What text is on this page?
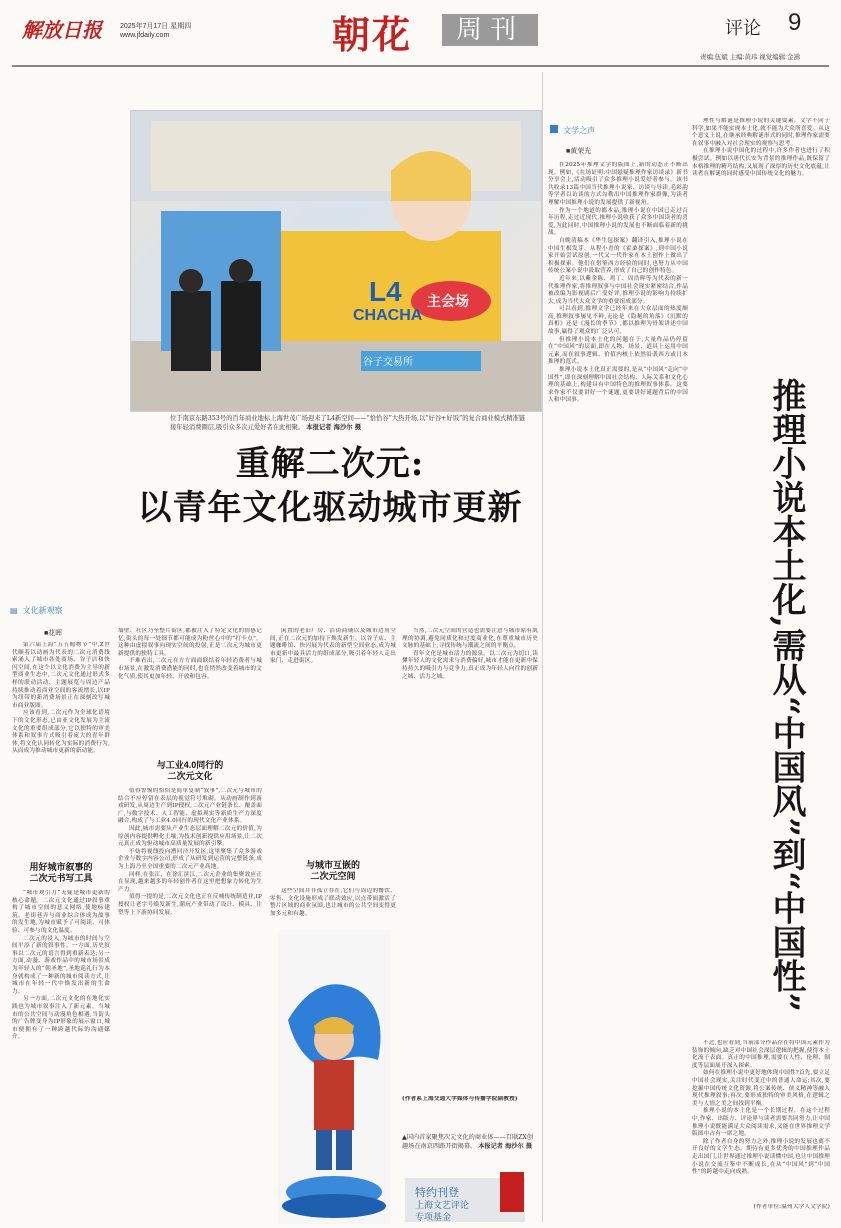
解放日报	2025年7月17日 星期四
www.jfdaily.com	朝花	周刊	评论 9
责编:伍斌 主编:黄玮 视觉编辑:金沸
L4
CHACHA
主会场
谷子交易所
位于南京东路353号的百年商业地标上海世茂广场迎来了L4新空间——“恰恰谷”大热开场,以“好谷+好饭”的复合商业模式精准链接年轻消费圈层,吸引众多次元爱好者在此相聚。 本报记者 海沙尔 摄
重解二次元:
以青年文化驱动城市更新
▤ 文化新观察
■花晖

第六届上海“五五购物节”中,Z世代顺着以动画为代表的二次元消费线索涌入了城市各处商场、谷子店和快闪空间,在这个以文化消费为主导的新型商业生态中,二次元文化通过形式多样的联动活动、主题展览与周边产品持续推动着商业空间的客流增长,以IP为纽带的新消费场景正在深刻改写城市商业版图。

应该看到,二次元作为全球化语境下的文化形态,已由亚文化发展为主流文化的重要组成部分,它以独特的审美体系和叙事方式吸引着庞大的青年群体,将文化认同转化为实际的消费行为,从而成为推动城市更新的新动能。

用好城市叙事的
二次元书写工具

“城市观引力”无疑是城市更新的核心命题。二次元文化通过IP叙事重构了城市空间的意义网络,使地标建筑、老街巷弄与商业综合体成为故事的发生地,为城市赋予了可阅读、可体验、可参与的文化温度。

二次元的浸入,为城市的时间与空间平添了新的叙事性。一方面,历史叙事以二次元的语言得到重新表达;另一方面,动漫、游戏作品中的城市场景成为年轻人的“朝圣地”,圣地巡礼行为本身就构成了一种新的城市阅读方式,让城市在年轻一代中焕发出新的生命力。

另一方面,二次元文化的在地化实践也为城市叙事注入了新元素。当城市的公共空间与动漫角色相遇,当街头的广告牌变身为IP形象的展示窗口,城市便拥有了一种跨越代际的沟通媒介。

墙壁、社区乃至整片街区,都被注入了特定文化的情感记忆,街头的每一处细节都可能成为粉丝心中的“打卡点”。这种由虚拟叙事向现实空间的投射,正是二次元为城市更新提供的独特工具。

不难看出,二次元在方方面面联结着年轻消费者与城市场景,在激发消费潜能的同时,也在悄然改变着城市的文化气质,使其更加年轻、开放和包容。

与工业4.0同行的
二次元文化

值得警惕的恰恰是简单复制“叙事”,二次元与城市的结合不应停留在表层的视觉符号堆砌。从动画制作到游戏研发,从周边生产到IP授权,二次元产业链条长、覆盖面广,与数字技术、人工智能、虚拟现实等新质生产力深度融合,构成了与工业4.0同行的现代文化产业体系。

因此,城市需要从产业生态层面理解二次元的价值,为原创内容提供孵化土壤,为技术创新提供应用场景,让二次元真正成为驱动城市高质量发展的新引擎。

不妨将视线投向漕河泾开发区,这里聚集了众多游戏企业与数字内容公司,形成了从研发到运营的完整链条,成为上海乃至全国重要的二次元产业高地。

同样,在张江、在徐汇滨江,二次元企业的集聚效应正在显现,越来越多的年轻创作者在这里把想象力转化为生产力。

值得一提的是,二次元文化也正在反哺传统制造业,IP授权让老字号焕发新生,潮玩产业带动了设计、模具、注塑等上下游协同发展。

闲置的老旧厂房、沿街商铺以及城市边角空间,正在二次元的加持下焕发新生。以谷子店、主题咖啡馆、快闪展为代表的新型空间业态,成为城市更新中最具活力的组成部分,吸引着年轻人走出家门、走进街区。

与城市互嵌的
二次元空间

这些空间并非孤立存在,它们与周边的餐饮、零售、文化设施形成了联动效应,以点带面激活了整片区域的商业氛围,也让城市的公共空间变得更加多元和有趣。

当然,二次元空间的营造也需要注意与城市原有肌理的协调,避免同质化和过度商业化,在尊重城市历史文脉的基础上,寻找传统与潮流之间的平衡点。

青年文化是城市活力的源泉。以二次元为切口,读懂年轻人的文化需求与消费偏好,城市才能在更新中保持持久的吸引力与竞争力,真正成为年轻人向往的创新之城、活力之城。

(作者系上海交通大学媒体与传播学院副教授)
▲国内首家聚焦次元文化的商业体——百联ZX创趣场在南京西路开街揭幕。 本报记者 海沙尔 摄
特约刊登
上海文艺评论
专项基金
文学之声
■黄荣光

在2025年推理文学的版图上,新的动态正不断出现。例如,《在场证明:中国悬疑推理作家访谈录》新书分享会上,活动吸引了众多推理小说爱好者参与。该书共收录13篇中国当代推理小说家、访谈与导读,毛彩韵等学者以访谈的方式勾勒出中国推理作家群像,为读者理解中国推理小说的发展提供了新视角。

作为一个地道的都本品,推理小说在中国已走过百年历程,走过近现代,推理小说收获了众多中国读者的喜爱,为此同时,中国推理小说的发展也不断面临着新的挑战。

自晚清稿本《华生包探案》翻译引入,推理小说在中国生根发芽。从程小青的《霍桑探案》,到中国小说家开始尝试原创,一代又一代作家在本土创作上做出了积极探索。他们在借鉴西方经验的同时,也努力从中国传统公案小说中汲取营养,形成了自己的创作特色。

近年来,以紫金陈、鸡丁、周浩晖等为代表的新一代推理作家,将推理叙事与中国社会现实紧密结合,作品被改编为影视剧后广受好评,推理小说的影响力持续扩大,成为当代大众文学的重要组成部分。

可以看到,推理文学已经年来在大众层面的热度颇高,推理叙事屡见不鲜,无论是《隐秘的角落》《沉默的真相》还是《漫长的季节》,都以推理为骨架讲述中国故事,赢得了观众的广泛认可。

但推理小说本土化的问题在于,大量作品仍停留在“中国风”的层面,即在人物、场景、道具上运用中国元素,而在叙事逻辑、价值内核上依然沿袭西方或日本推理的范式。

推理小说本土化真正需要的,是从“中国风”走向“中国性”,即在深刻理解中国社会结构、人际关系和文化心理的基础上,构建具有中国特色的推理叙事体系。这要求作家不仅要讲好一个谜题,更要讲好谜题背后的中国人和中国事。

理性与解谜是推理小说的关键要素。文学不同于科学,如果不能实现本土化,就不能为大众所喜爱。从这个意义上说,在继承经典解谜形式的同时,推理作家需要在叙事中融入对社会现实的观察与思考。

在推理小说中国化的过程中,许多作者也进行了积极尝试。例如以唐代长安为背景的推理作品,既保留了本格推理的精巧结构,又展现了深厚的历史文化底蕴,让读者在解谜的同时感受中国传统文化的魅力。

推理小说本土化,需从“中国风”到“中国性”

不过,也应看到,当前部分作品存在将中国元素作为装饰的倾向,缺乏对中国社会深层逻辑的把握,使得本土化流于表面。真正的中国推理,需要在人性、伦理、制度等层面展开深入探索。

如何在推理小说中更好地体现中国性?首先,要立足中国社会现实,关注时代变迁中的普通人命运;其次,要挖掘中国传统文化资源,将公案传统、侠义精神等融入现代推理叙事;再次,要形成独特的审美风格,在逻辑之美与人情之美之间找到平衡。

推理小说的本土化是一个长期过程。在这个过程中,作家、出版方、评论界与读者需要共同努力,让中国推理小说既能满足大众阅读需求,又能在世界推理文学版图中占有一席之地。

除了作者自身的努力之外,推理小说的发展也离不开良好的文学生态。期待有更多优秀的中国推理作品走出国门,让世界通过推理小说读懂中国,也让中国推理小说在交流互鉴中不断成长,在从“中国风”到“中国性”的跨越中走向成熟。

(作者单位:温州大学人文学院)
